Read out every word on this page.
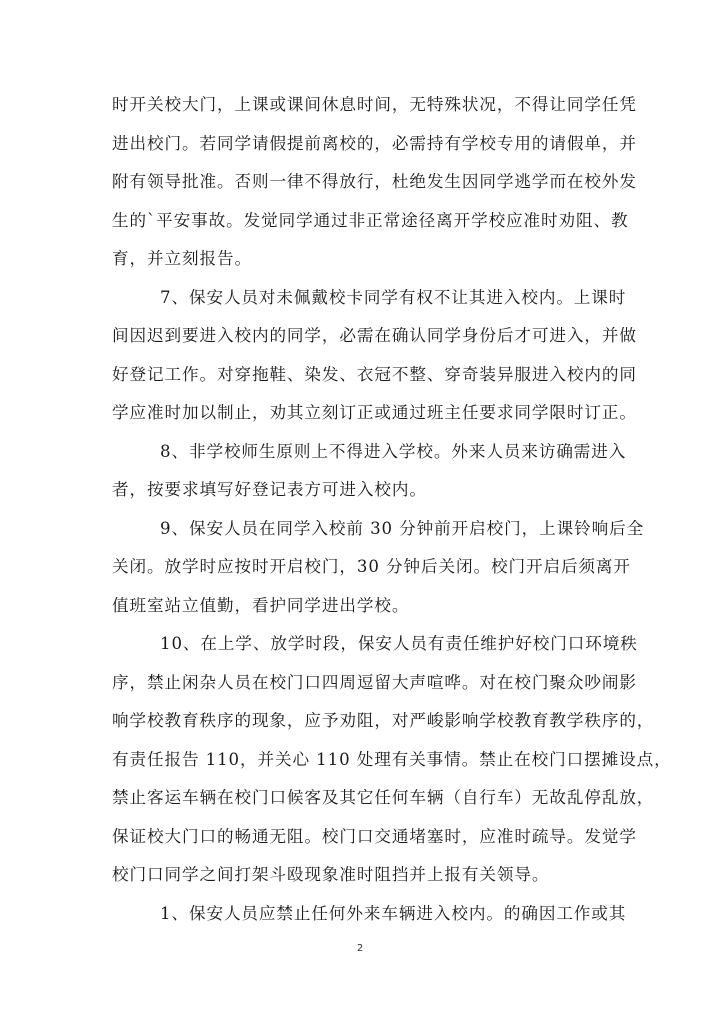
时开关校大门，上课或课间休息时间，无特殊状况，不得让同学任凭
进出校门。若同学请假提前离校的，必需持有学校专用的请假单，并
附有领导批准。否则一律不得放行，杜绝发生因同学逃学而在校外发
生的`平安事故。发觉同学通过非正常途径离开学校应准时劝阻、教
育，并立刻报告。
7、保安人员对未佩戴校卡同学有权不让其进入校内。上课时
间因迟到要进入校内的同学，必需在确认同学身份后才可进入，并做
好登记工作。对穿拖鞋、染发、衣冠不整、穿奇装异服进入校内的同
学应准时加以制止，劝其立刻订正或通过班主任要求同学限时订正。
8、非学校师生原则上不得进入学校。外来人员来访确需进入
者，按要求填写好登记表方可进入校内。
9、保安人员在同学入校前 30 分钟前开启校门，上课铃响后全
关闭。放学时应按时开启校门，30 分钟后关闭。校门开启后须离开
值班室站立值勤，看护同学进出学校。
10、在上学、放学时段，保安人员有责任维护好校门口环境秩
序，禁止闲杂人员在校门口四周逗留大声喧哗。对在校门聚众吵闹影
响学校教育秩序的现象，应予劝阻，对严峻影响学校教育教学秩序的，
有责任报告 110，并关心 110 处理有关事情。禁止在校门口摆摊设点，
禁止客运车辆在校门口候客及其它任何车辆（自行车）无故乱停乱放，
保证校大门口的畅通无阻。校门口交通堵塞时，应准时疏导。发觉学
校门口同学之间打架斗殴现象准时阻挡并上报有关领导。
1、保安人员应禁止任何外来车辆进入校内。的确因工作或其
2
